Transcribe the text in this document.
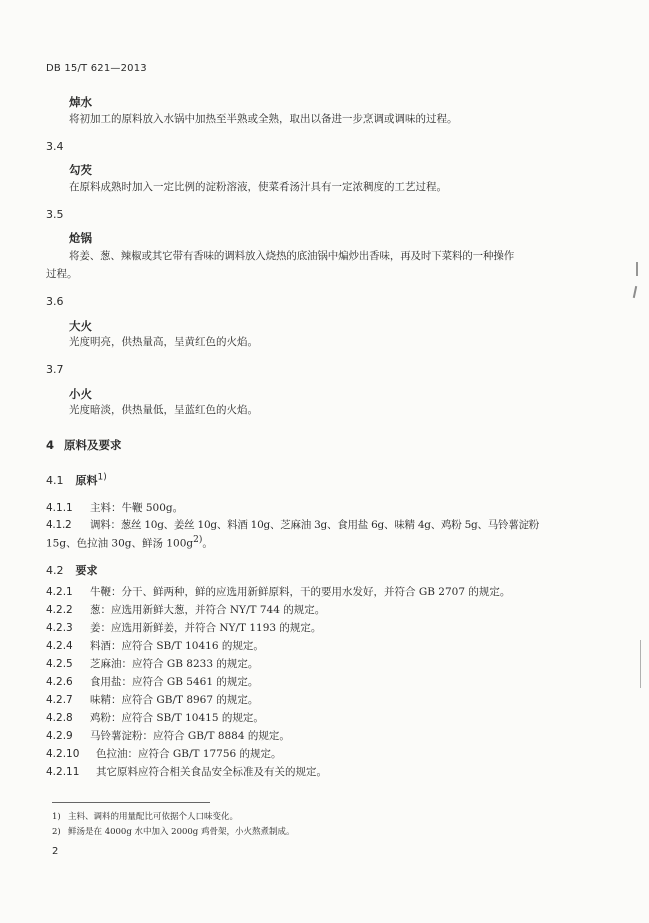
DB 15/T 621—2013
焯水
将初加工的原料放入水锅中加热至半熟或全熟，取出以备进一步烹调或调味的过程。
3.4
勾芡
在原料成熟时加入一定比例的淀粉溶液，使菜肴汤汁具有一定浓稠度的工艺过程。
3.5
炝锅
将姜、葱、辣椒或其它带有香味的调料放入烧热的底油锅中煸炒出香味，再及时下菜料的一种操作
过程。
3.6
大火
光度明亮，供热量高，呈黄红色的火焰。
3.7
小火
光度暗淡，供热量低，呈蓝红色的火焰。
4 原料及要求
4.1 原料$^{1)}$
4.1.1 主料：牛鞭 500g。
4.1.2 调料：葱丝 10g、姜丝 10g、料酒 10g、芝麻油 3g、食用盐 6g、味精 4g、鸡粉 5g、马铃薯淀粉
15g、色拉油 30g、鲜汤 100g$^{2)}$。
4.2 要求
4.2.1 牛鞭：分干、鲜两种，鲜的应选用新鲜原料，干的要用水发好，并符合 GB 2707 的规定。
4.2.2 葱：应选用新鲜大葱，并符合 NY/T 744 的规定。
4.2.3 姜：应选用新鲜姜，并符合 NY/T 1193 的规定。
4.2.4 料酒：应符合 SB/T 10416 的规定。
4.2.5 芝麻油：应符合 GB 8233 的规定。
4.2.6 食用盐：应符合 GB 5461 的规定。
4.2.7 味精：应符合 GB/T 8967 的规定。
4.2.8 鸡粉：应符合 SB/T 10415 的规定。
4.2.9 马铃薯淀粉：应符合 GB/T 8884 的规定。
4.2.10 色拉油：应符合 GB/T 17756 的规定。
4.2.11 其它原料应符合相关食品安全标准及有关的规定。
1) 主料、调料的用量配比可依据个人口味变化。
2) 鲜汤是在 4000g 水中加入 2000g 鸡骨架，小火熬煮制成。
2
